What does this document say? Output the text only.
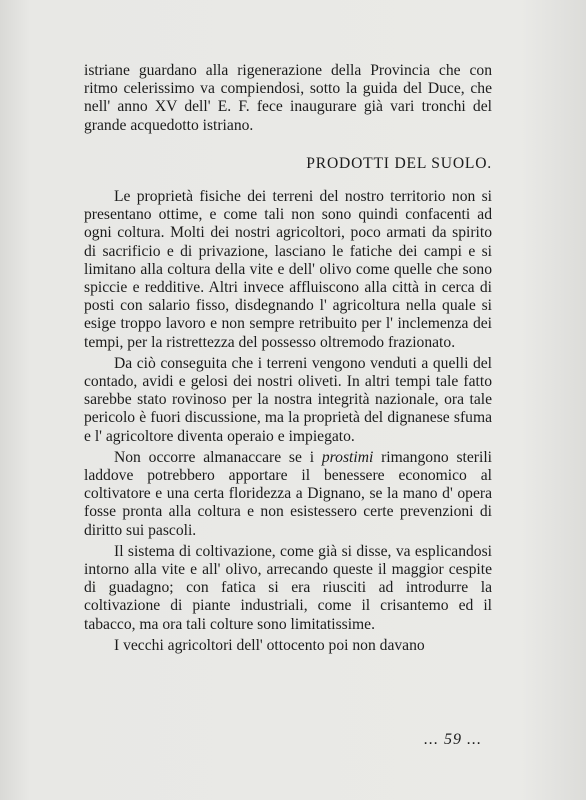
istriane guardano alla rigenerazione della Provincia che con ritmo celerissimo va compiendosi, sotto la guida del Duce, che nell' anno XV dell' E. F. fece inaugurare già vari tronchi del grande acquedotto istriano.

PRODOTTI DEL SUOLO.

Le proprietà fisiche dei terreni del nostro territorio non si presentano ottime, e come tali non sono quindi confacenti ad ogni coltura. Molti dei nostri agricoltori, poco armati da spirito di sacrificio e di privazione, lasciano le fatiche dei campi e si limitano alla coltura della vite e dell' olivo come quelle che sono spiccie e redditive. Altri invece affluiscono alla città in cerca di posti con salario fisso, disdegnando l' agricoltura nella quale si esige troppo lavoro e non sempre retribuito per l' inclemenza dei tempi, per la ristrettezza del possesso oltremodo frazionato.

Da ciò conseguita che i terreni vengono venduti a quelli del contado, avidi e gelosi dei nostri oliveti. In altri tempi tale fatto sarebbe stato rovinoso per la nostra integrità nazionale, ora tale pericolo è fuori discussione, ma la proprietà del dignanese sfuma e l' agricoltore diventa operaio e impiegato.

Non occorre almanaccare se i prostimi rimangono sterili laddove potrebbero apportare il benessere economico al coltivatore e una certa floridezza a Dignano, se la mano d' opera fosse pronta alla coltura e non esistessero certe prevenzioni di diritto sui pascoli.

Il sistema di coltivazione, come già si disse, va esplicandosi intorno alla vite e all' olivo, arrecando queste il maggior cespite di guadagno; con fatica si era riusciti ad introdurre la coltivazione di piante industriali, come il crisantemo ed il tabacco, ma ora tali colture sono limitatissime.

I vecchi agricoltori dell' ottocento poi non davano

... 59 ...
